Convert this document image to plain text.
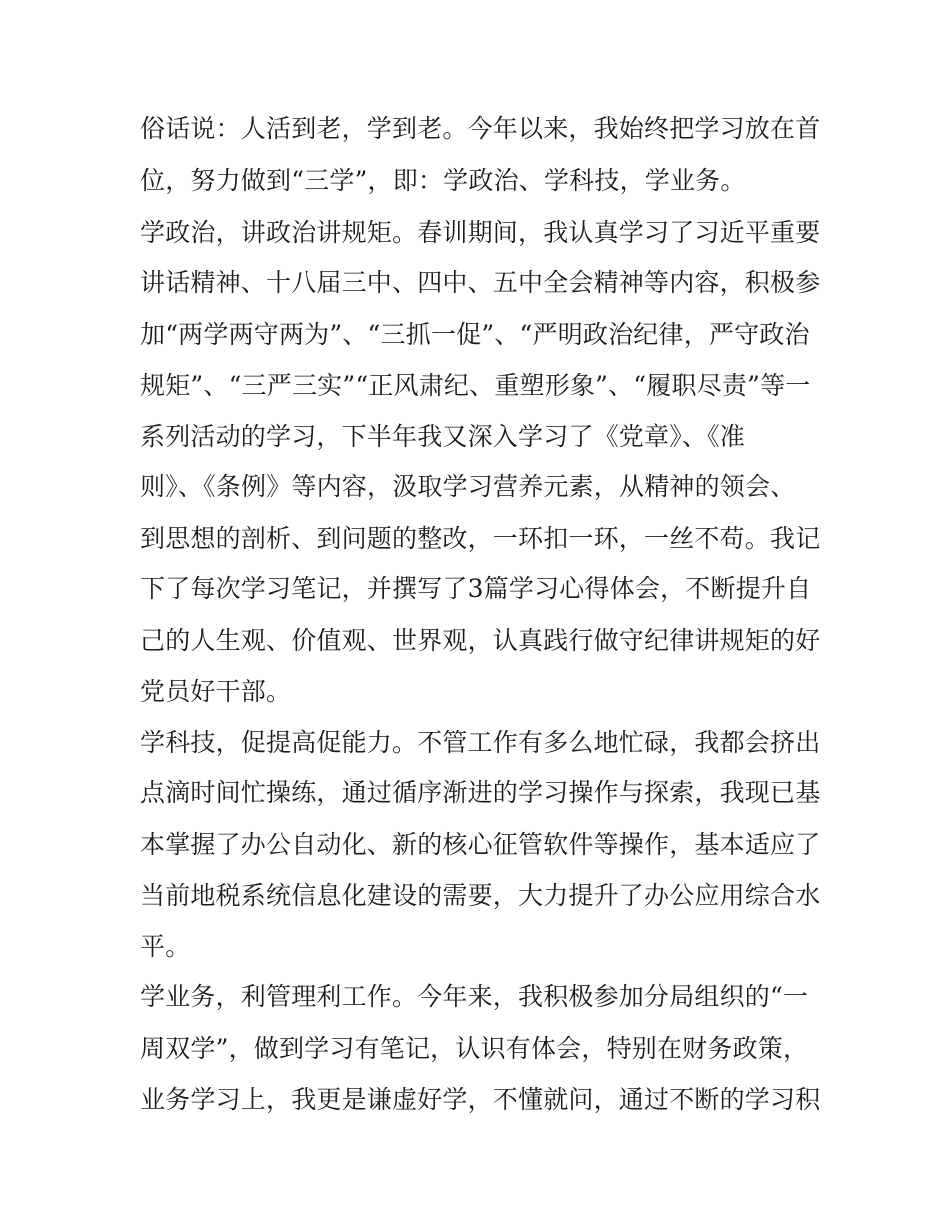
俗话说：人活到老，学到老。今年以来，我始终把学习放在首
位，努力做到“三学”，即：学政治、学科技，学业务。
学政治，讲政治讲规矩。春训期间，我认真学习了习近平重要
讲话精神、十八届三中、四中、五中全会精神等内容，积极参
加“两学两守两为”、“三抓一促”、“严明政治纪律，严守政治
规矩”、“三严三实”“正风肃纪、重塑形象”、“履职尽责”等一
系列活动的学习，下半年我又深入学习了《党章》、《准
则》、《条例》等内容，汲取学习营养元素，从精神的领会、
到思想的剖析、到问题的整改，一环扣一环，一丝不苟。我记
下了每次学习笔记，并撰写了3篇学习心得体会，不断提升自
己的人生观、价值观、世界观，认真践行做守纪律讲规矩的好
党员好干部。
学科技，促提高促能力。不管工作有多么地忙碌，我都会挤出
点滴时间忙操练，通过循序渐进的学习操作与探索，我现已基
本掌握了办公自动化、新的核心征管软件等操作，基本适应了
当前地税系统信息化建设的需要，大力提升了办公应用综合水
平。
学业务，利管理利工作。今年来，我积极参加分局组织的“一
周双学”，做到学习有笔记，认识有体会，特别在财务政策，
业务学习上，我更是谦虚好学，不懂就问，通过不断的学习积
